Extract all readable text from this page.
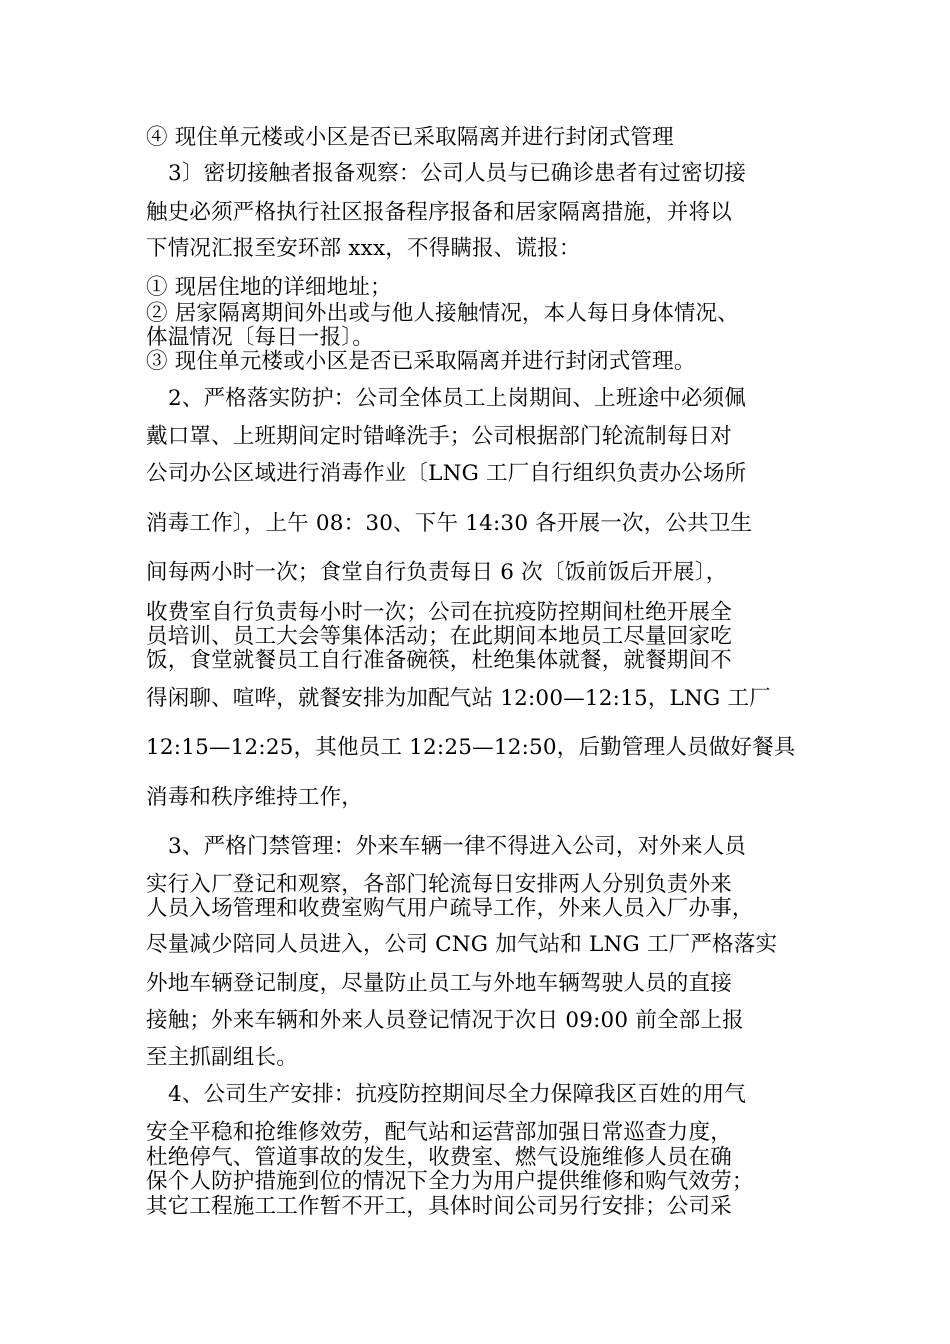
④ 现住单元楼或小区是否已采取隔离并进行封闭式管理
3〕密切接触者报备观察：公司人员与已确诊患者有过密切接
触史必须严格执行社区报备程序报备和居家隔离措施，并将以
下情况汇报至安环部 xxx，不得瞒报、谎报：
① 现居住地的详细地址；
② 居家隔离期间外出或与他人接触情况，本人每日身体情况、
体温情况〔每日一报〕。
③ 现住单元楼或小区是否已采取隔离并进行封闭式管理。
2、严格落实防护：公司全体员工上岗期间、上班途中必须佩
戴口罩、上班期间定时错峰洗手；公司根据部门轮流制每日对
公司办公区域进行消毒作业〔LNG 工厂自行组织负责办公场所
消毒工作〕，上午 08：30、下午 14:30 各开展一次，公共卫生
间每两小时一次；食堂自行负责每日 6 次〔饭前饭后开展〕，
收费室自行负责每小时一次；公司在抗疫防控期间杜绝开展全
员培训、员工大会等集体活动；在此期间本地员工尽量回家吃
饭，食堂就餐员工自行准备碗筷，杜绝集体就餐，就餐期间不
得闲聊、喧哗，就餐安排为加配气站 12:00—12:15，LNG 工厂
12:15—12:25，其他员工 12:25—12:50，后勤管理人员做好餐具
消毒和秩序维持工作，
3、严格门禁管理：外来车辆一律不得进入公司，对外来人员
实行入厂登记和观察，各部门轮流每日安排两人分别负责外来
人员入场管理和收费室购气用户疏导工作，外来人员入厂办事，
尽量减少陪同人员进入，公司 CNG 加气站和 LNG 工厂严格落实
外地车辆登记制度，尽量防止员工与外地车辆驾驶人员的直接
接触；外来车辆和外来人员登记情况于次日 09:00 前全部上报
至主抓副组长。
4、公司生产安排：抗疫防控期间尽全力保障我区百姓的用气
安全平稳和抢维修效劳，配气站和运营部加强日常巡查力度，
杜绝停气、管道事故的发生，收费室、燃气设施维修人员在确
保个人防护措施到位的情况下全力为用户提供维修和购气效劳；
其它工程施工工作暂不开工，具体时间公司另行安排；公司采
